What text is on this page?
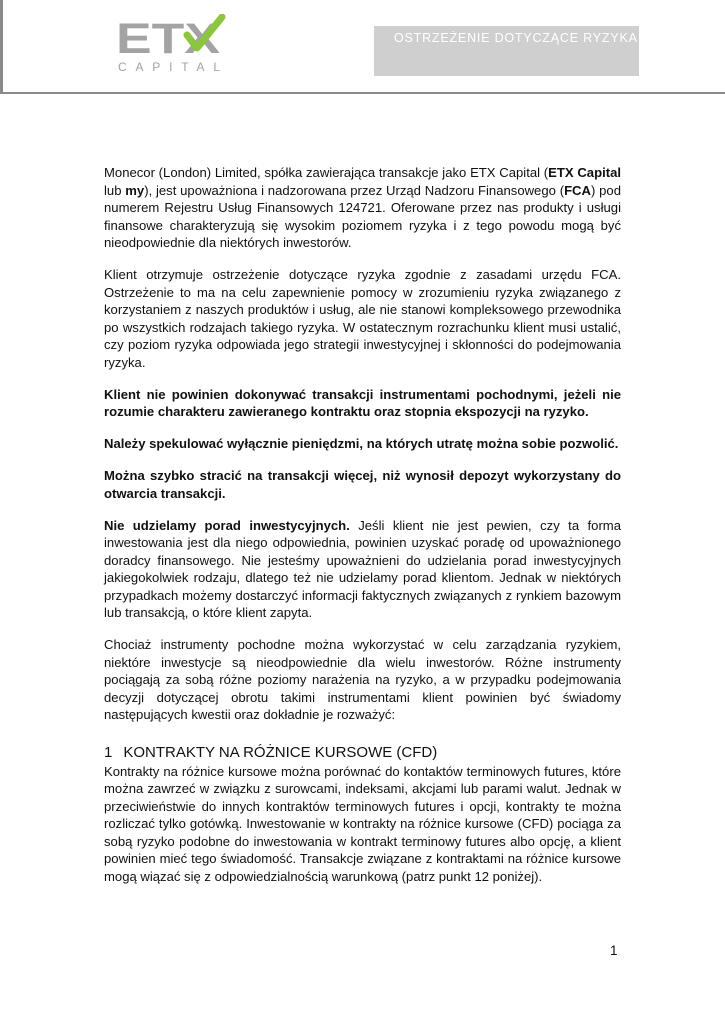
ETX
CAPITAL
OSTRZEŻENIE DOTYCZĄCE RYZYKA

Monecor (London) Limited, spółka zawierająca transakcje jako ETX Capital (ETX Capital lub my), jest upoważniona i nadzorowana przez Urząd Nadzoru Finansowego (FCA) pod numerem Rejestru Usług Finansowych 124721. Oferowane przez nas produkty i usługi finansowe charakteryzują się wysokim poziomem ryzyka i z tego powodu mogą być nieodpowiednie dla niektórych inwestorów.

Klient otrzymuje ostrzeżenie dotyczące ryzyka zgodnie z zasadami urzędu FCA. Ostrzeżenie to ma na celu zapewnienie pomocy w zrozumieniu ryzyka związanego z korzystaniem z naszych produktów i usług, ale nie stanowi kompleksowego przewodnika po wszystkich rodzajach takiego ryzyka. W ostatecznym rozrachunku klient musi ustalić, czy poziom ryzyka odpowiada jego strategii inwestycyjnej i skłonności do podejmowania ryzyka.

Klient nie powinien dokonywać transakcji instrumentami pochodnymi, jeżeli nie rozumie charakteru zawieranego kontraktu oraz stopnia ekspozycji na ryzyko.

Należy spekulować wyłącznie pieniędzmi, na których utratę można sobie pozwolić.

Można szybko stracić na transakcji więcej, niż wynosił depozyt wykorzystany do otwarcia transakcji.

Nie udzielamy porad inwestycyjnych. Jeśli klient nie jest pewien, czy ta forma inwestowania jest dla niego odpowiednia, powinien uzyskać poradę od upoważnionego doradcy finansowego. Nie jesteśmy upoważnieni do udzielania porad inwestycyjnych jakiegokolwiek rodzaju, dlatego też nie udzielamy porad klientom. Jednak w niektórych przypadkach możemy dostarczyć informacji faktycznych związanych z rynkiem bazowym lub transakcją, o które klient zapyta.

Chociaż instrumenty pochodne można wykorzystać w celu zarządzania ryzykiem, niektóre inwestycje są nieodpowiednie dla wielu inwestorów. Różne instrumenty pociągają za sobą różne poziomy narażenia na ryzyko, a w przypadku podejmowania decyzji dotyczącej obrotu takimi instrumentami klient powinien być świadomy następujących kwestii oraz dokładnie je rozważyć:

1 KONTRAKTY NA RÓŻNICE KURSOWE (CFD)

Kontrakty na różnice kursowe można porównać do kontaktów terminowych futures, które można zawrzeć w związku z surowcami, indeksami, akcjami lub parami walut. Jednak w przeciwieństwie do innych kontraktów terminowych futures i opcji, kontrakty te można rozliczać tylko gotówką. Inwestowanie w kontrakty na różnice kursowe (CFD) pociąga za sobą ryzyko podobne do inwestowania w kontrakt terminowy futures albo opcję, a klient powinien mieć tego świadomość. Transakcje związane z kontraktami na różnice kursowe mogą wiązać się z odpowiedzialnością warunkową (patrz punkt 12 poniżej).

1
